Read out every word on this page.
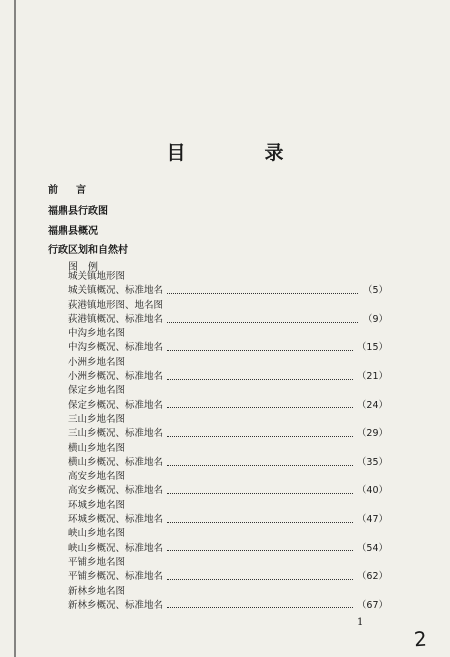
目　录
前言
福鼎县行政图
福鼎县概况
行政区划和自然村
图例
城关镇地形图
城关镇概况、标准地名	（5）
荻港镇地形图、地名图
荻港镇概况、标准地名	（9）
中沟乡地名图
中沟乡概况、标准地名	（15）
小洲乡地名图
小洲乡概况、标准地名	（21）
保定乡地名图
保定乡概况、标准地名	（24）
三山乡地名图
三山乡概况、标准地名	（29）
横山乡地名图
横山乡概况、标准地名	（35）
高安乡地名图
高安乡概况、标准地名	（40）
环城乡地名图
环城乡概况、标准地名	（47）
峡山乡地名图
峡山乡概况、标准地名	（54）
平铺乡地名图
平铺乡概况、标准地名	（62）
新林乡地名图
新林乡概况、标准地名	（67）
1
2
